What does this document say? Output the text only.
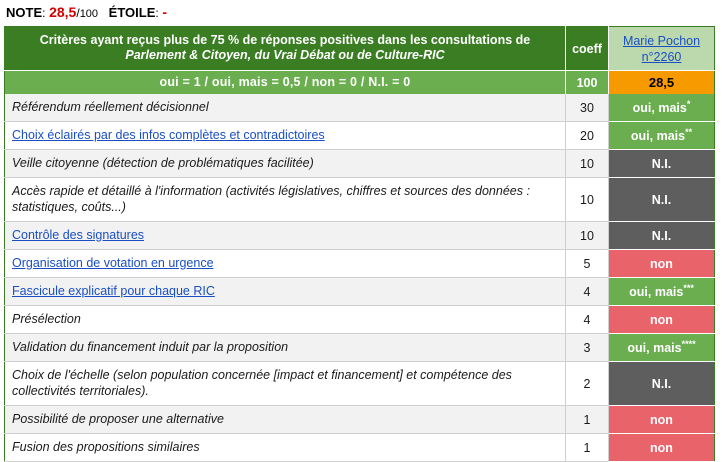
NOTE: 28,5/100 ÉTOILE: -
Critères ayant reçus plus de 75 % de réponses positives dans les consultations de
Parlement & Citoyen, du Vrai Débat ou de Culture-RIC	coeff	Marie Pochon
n°2260
oui = 1 / oui, mais = 0,5 / non = 0 / N.I. = 0	100	28,5
Référendum réellement décisionnel	30	oui, mais*
Choix éclairés par des infos complètes et contradictoires	20	oui, mais**
Veille citoyenne (détection de problématiques facilitée)	10	N.I.
Accès rapide et détaillé à l'information (activités législatives, chiffres et sources des données : statistiques, coûts...)	10	N.I.
Contrôle des signatures	10	N.I.
Organisation de votation en urgence	5	non
Fascicule explicatif pour chaque RIC	4	oui, mais***
Présélection	4	non
Validation du financement induit par la proposition	3	oui, mais****
Choix de l'échelle (selon population concernée [impact et financement] et compétence des collectivités territoriales).	2	N.I.
Possibilité de proposer une alternative	1	non
Fusion des propositions similaires	1	non
